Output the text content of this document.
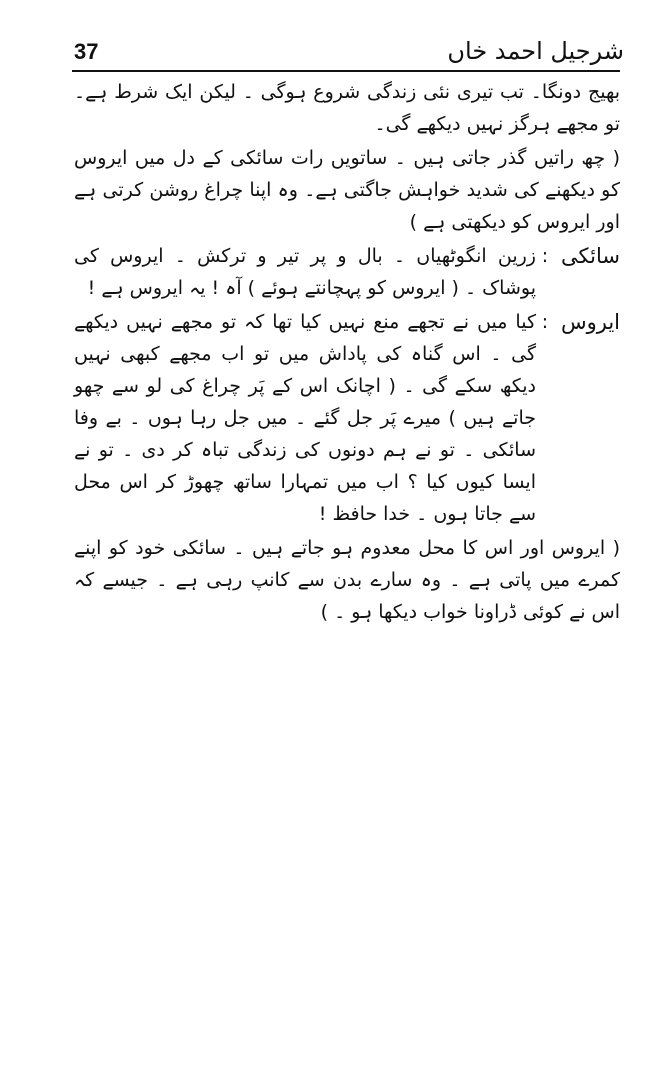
37	شرجیل احمد خاں

بھیج دونگا۔ تب تیری نئی زندگی شروع ہوگی ۔ لیکن ایک شرط ہے۔ تو مجھے ہرگز نہیں دیکھے گی۔

( چھ راتیں گذر جاتی ہیں ۔ ساتویں رات سائکی کے دل میں ایروس کو دیکھنے کی شدید خواہش جاگتی ہے۔ وہ اپنا چراغ روشن کرتی ہے اور ایروس کو دیکھتی ہے )

سائکی
:
زرین انگوٹھیاں ۔ بال و پر تیر و ترکش ۔ ایروس کی پوشاک ۔ ( ایروس کو پہچانتے ہوئے ) آہ ! یہ ایروس ہے !
ایروس
:
کیا میں نے تجھے منع نہیں کیا تھا کہ تو مجھے نہیں دیکھے گی ۔ اس گناہ کی پاداش میں تو اب مجھے کبھی نہیں دیکھ سکے گی ۔ ( اچانک اس کے پَر چراغ کی لو سے چھو جاتے ہیں ) میرے پَر جل گئے ۔ میں جل رہا ہوں ۔ بے وفا سائکی ۔ تو نے ہم دونوں کی زندگی تباہ کر دی ۔ تو نے ایسا کیوں کیا ؟ اب میں تمہارا ساتھ چھوڑ کر اس محل سے جاتا ہوں ۔ خدا حافظ !

( ایروس اور اس کا محل معدوم ہو جاتے ہیں ۔ سائکی خود کو اپنے کمرے میں پاتی ہے ۔ وہ سارے بدن سے کانپ رہی ہے ۔ جیسے کہ اس نے کوئی ڈراونا خواب دیکھا ہو ۔ )
